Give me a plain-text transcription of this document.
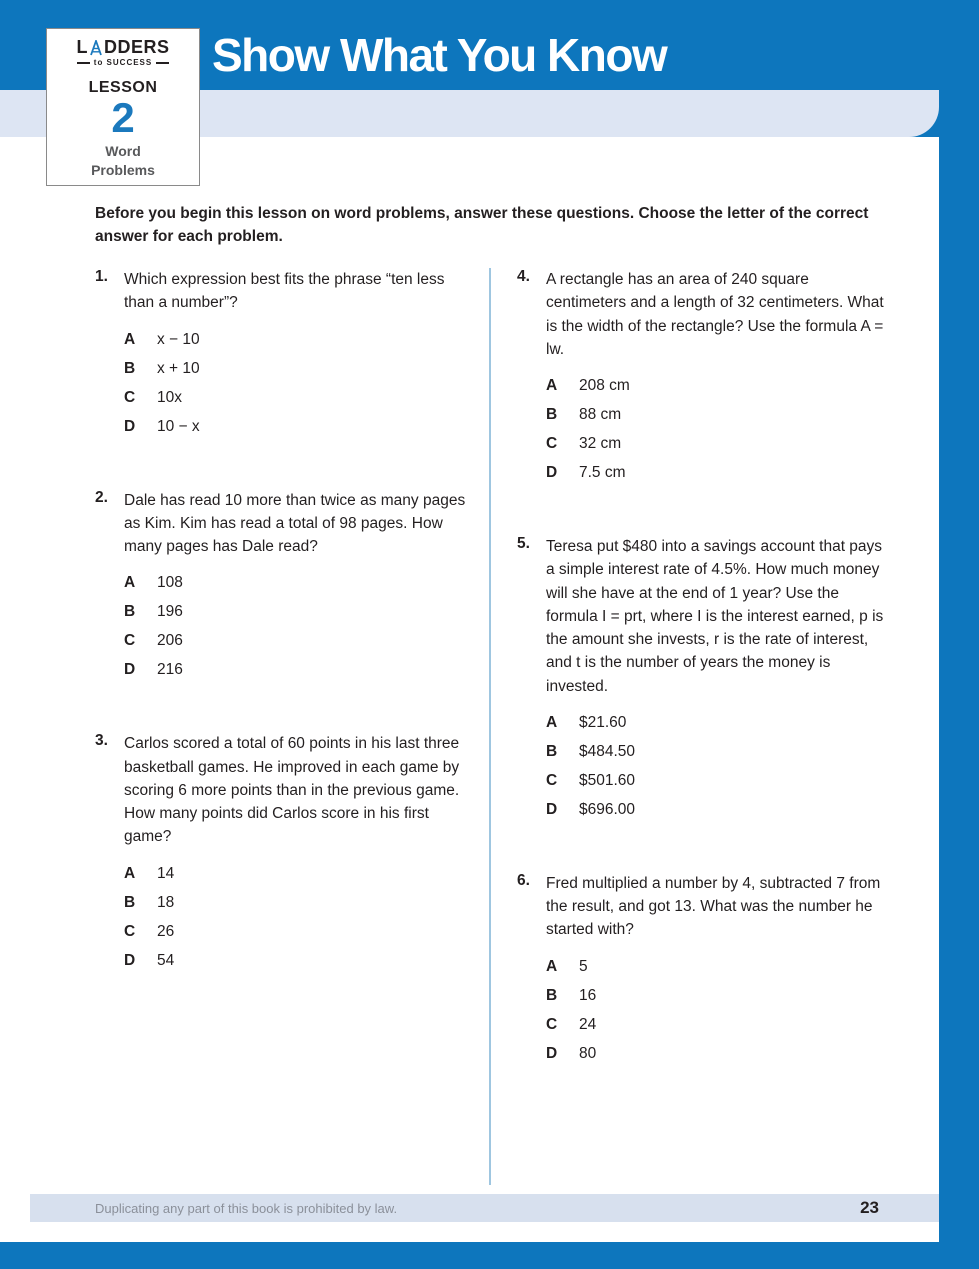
Show What You Know
L DDERS
to SUCCESS
LESSON
2
Word Problems
Before you begin this lesson on word problems, answer these questions. Choose the letter of the correct answer for each problem.
1.	Which expression best fits the phrase “ten less than a number”?
A	x − 10
B	x + 10
C	10x
D	10 − x
2.	Dale has read 10 more than twice as many pages as Kim. Kim has read a total of 98 pages. How many pages has Dale read?
A	108
B	196
C	206
D	216
3.	Carlos scored a total of 60 points in his last three basketball games. He improved in each game by scoring 6 more points than in the previous game. How many points did Carlos score in his first game?
A	14
B	18
C	26
D	54
4.	A rectangle has an area of 240 square centimeters and a length of 32 centimeters. What is the width of the rectangle? Use the formula A = lw.
A	208 cm
B	88 cm
C	32 cm
D	7.5 cm
5.	Teresa put $480 into a savings account that pays a simple interest rate of 4.5%. How much money will she have at the end of 1 year? Use the formula I = prt, where I is the interest earned, p is the amount she invests, r is the rate of interest, and t is the number of years the money is invested.
A	$21.60
B	$484.50
C	$501.60
D	$696.00
6.	Fred multiplied a number by 4, subtracted 7 from the result, and got 13. What was the number he started with?
A	5
B	16
C	24
D	80
Duplicating any part of this book is prohibited by law.	23
